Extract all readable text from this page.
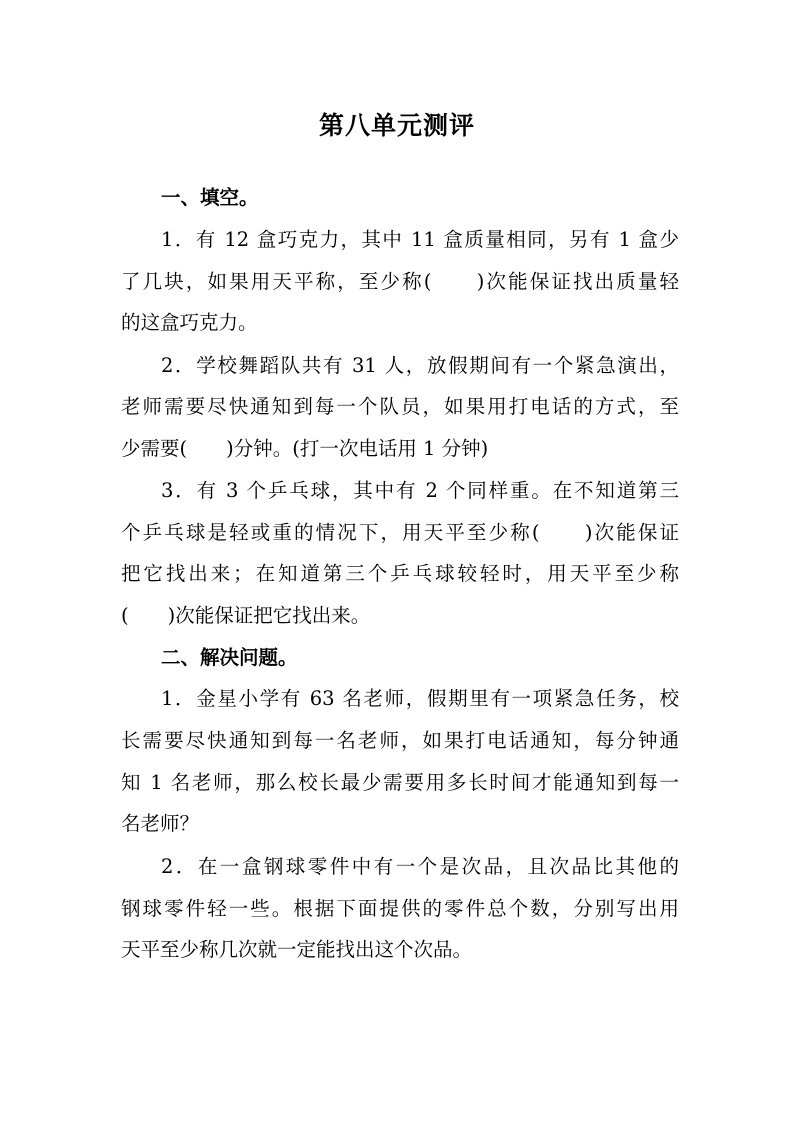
第八单元测评
一、填空。
1．有 12 盒巧克力，其中 11 盒质量相同，另有 1 盒少
了几块，如果用天平称，至少称(　　)次能保证找出质量轻
的这盒巧克力。
2．学校舞蹈队共有 31 人，放假期间有一个紧急演出，
老师需要尽快通知到每一个队员，如果用打电话的方式，至
少需要(　　)分钟。(打一次电话用 1 分钟)
3．有 3 个乒乓球，其中有 2 个同样重。在不知道第三
个乒乓球是轻或重的情况下，用天平至少称(　　)次能保证
把它找出来；在知道第三个乒乓球较轻时，用天平至少称
(　　)次能保证把它找出来。
二、解决问题。
1．金星小学有 63 名老师，假期里有一项紧急任务，校
长需要尽快通知到每一名老师，如果打电话通知，每分钟通
知 1 名老师，那么校长最少需要用多长时间才能通知到每一
名老师？
2．在一盒钢球零件中有一个是次品，且次品比其他的
钢球零件轻一些。根据下面提供的零件总个数，分别写出用
天平至少称几次就一定能找出这个次品。
